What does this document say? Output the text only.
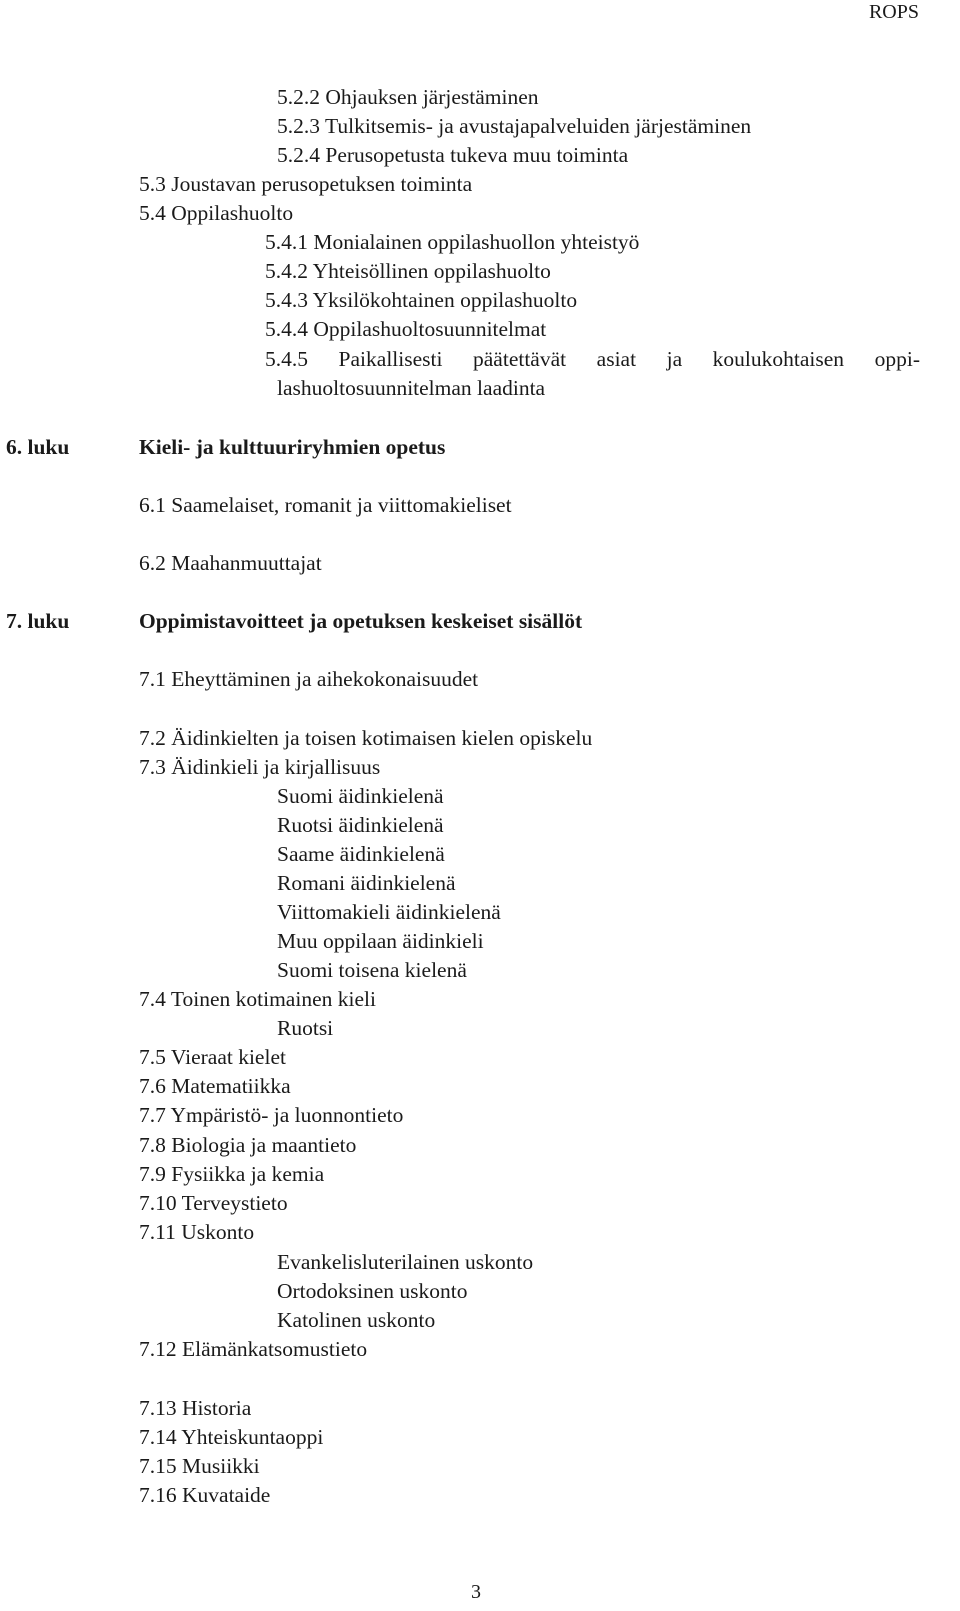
ROPS
5.2.2 Ohjauksen järjestäminen
5.2.3 Tulkitsemis- ja avustajapalveluiden järjestäminen
5.2.4 Perusopetusta tukeva muu toiminta
5.3 Joustavan perusopetuksen toiminta
5.4 Oppilashuolto
5.4.1 Monialainen oppilashuollon yhteistyö
5.4.2 Yhteisöllinen oppilashuolto
5.4.3 Yksilökohtainen oppilashuolto
5.4.4 Oppilashuoltosuunnitelmat
5.4.5 Paikallisesti päätettävät asiat ja koulukohtaisen oppi-
lashuoltosuunnitelman laadinta
6. luku	Kieli- ja kulttuuriryhmien opetus
6.1 Saamelaiset, romanit ja viittomakieliset
6.2 Maahanmuuttajat
7. luku	Oppimistavoitteet ja opetuksen keskeiset sisällöt
7.1 Eheyttäminen ja aihekokonaisuudet
7.2 Äidinkielten ja toisen kotimaisen kielen opiskelu
7.3 Äidinkieli ja kirjallisuus
Suomi äidinkielenä
Ruotsi äidinkielenä
Saame äidinkielenä
Romani äidinkielenä
Viittomakieli äidinkielenä
Muu oppilaan äidinkieli
Suomi toisena kielenä
7.4 Toinen kotimainen kieli
Ruotsi
7.5 Vieraat kielet
7.6 Matematiikka
7.7 Ympäristö- ja luonnontieto
7.8 Biologia ja maantieto
7.9 Fysiikka ja kemia
7.10 Terveystieto
7.11 Uskonto
Evankelisluterilainen uskonto
Ortodoksinen uskonto
Katolinen uskonto
7.12 Elämänkatsomustieto
7.13 Historia
7.14 Yhteiskuntaoppi
7.15 Musiikki
7.16 Kuvataide
3
